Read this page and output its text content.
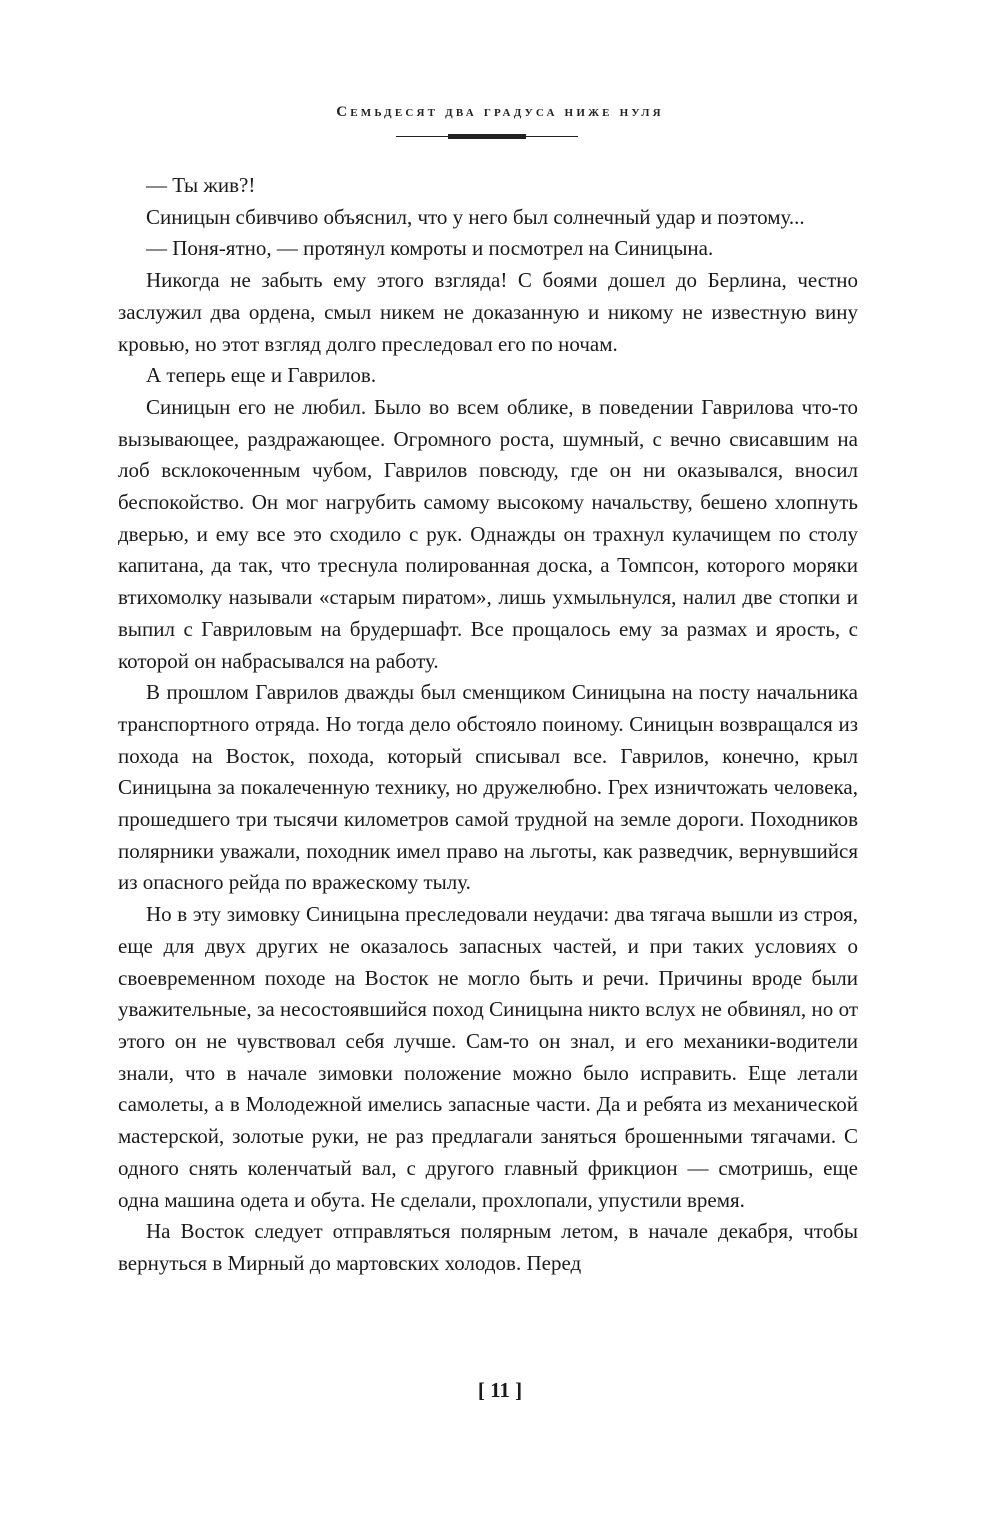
Семьдесят два градуса ниже нуля

— Ты жив?!

Синицын сбивчиво объяснил, что у него был солнечный удар и поэтому...

— Поня-ятно, — протянул комроты и посмотрел на Синицына.

Никогда не забыть ему этого взгляда! С боями дошел до Берлина, честно заслужил два ордена, смыл никем не доказанную и никому не известную вину кровью, но этот взгляд долго преследовал его по ночам.

А теперь еще и Гаврилов.

Синицын его не любил. Было во всем облике, в поведении Гаврилова что-то вызывающее, раздражающее. Огромного роста, шумный, с вечно свисавшим на лоб всклокоченным чубом, Гаврилов повсюду, где он ни оказывался, вносил беспокойство. Он мог нагрубить самому высокому начальству, бешено хлопнуть дверью, и ему все это сходило с рук. Однажды он трахнул кулачищем по столу капитана, да так, что треснула полированная доска, а Томпсон, которого моряки втихомолку называли «старым пиратом», лишь ухмыльнулся, налил две стопки и выпил с Гавриловым на брудершафт. Все прощалось ему за размах и ярость, с которой он набрасывался на работу.

В прошлом Гаврилов дважды был сменщиком Синицына на посту начальника транспортного отряда. Но тогда дело обстояло поиному. Синицын возвращался из похода на Восток, похода, который списывал все. Гаврилов, конечно, крыл Синицына за покалеченную технику, но дружелюбно. Грех изничтожать человека, прошедшего три тысячи километров самой трудной на земле дороги. Походников полярники уважали, походник имел право на льготы, как разведчик, вернувшийся из опасного рейда по вражескому тылу.

Но в эту зимовку Синицына преследовали неудачи: два тягача вышли из строя, еще для двух других не оказалось запасных частей, и при таких условиях о своевременном походе на Восток не могло быть и речи. Причины вроде были уважительные, за несостоявшийся поход Синицына никто вслух не обвинял, но от этого он не чувствовал себя лучше. Сам-то он знал, и его механики-водители знали, что в начале зимовки положение можно было исправить. Еще летали самолеты, а в Молодежной имелись запасные части. Да и ребята из механической мастерской, золотые руки, не раз предлагали заняться брошенными тягачами. С одного снять коленчатый вал, с другого главный фрикцион — смотришь, еще одна машина одета и обута. Не сделали, прохлопали, упустили время.

На Восток следует отправляться полярным летом, в начале декабря, чтобы вернуться в Мирный до мартовских холодов. Перед

[ 11 ]
